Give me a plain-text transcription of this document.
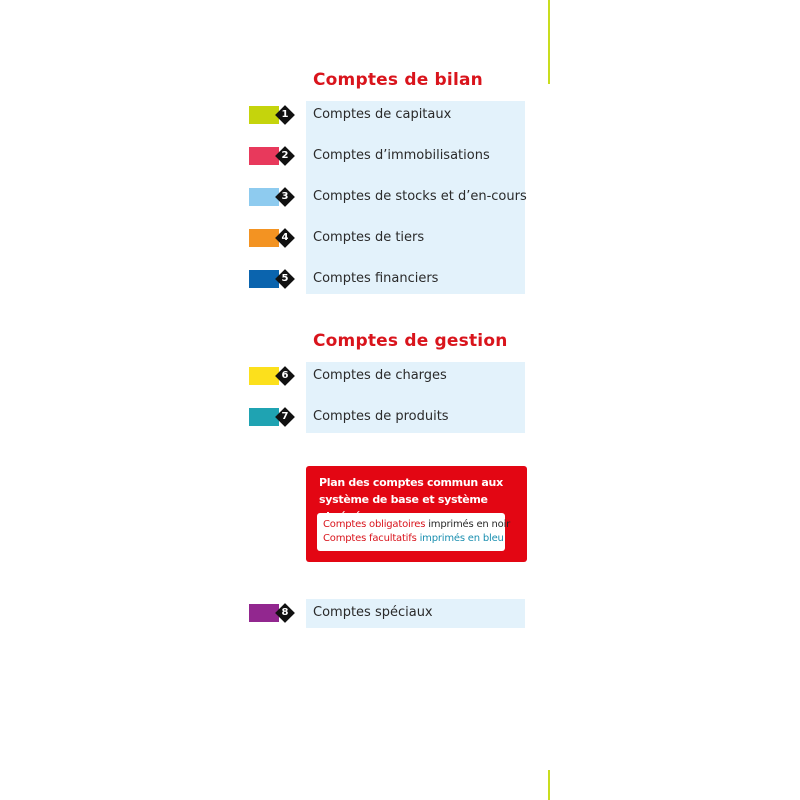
Comptes de bilan
1 Comptes de capitaux
2 Comptes d’immobilisations
3 Comptes de stocks et d’en-cours
4 Comptes de tiers
5 Comptes financiers
Comptes de gestion
6 Comptes de charges
7 Comptes de produits
Plan des comptes commun aux système de base et système
Comptes obligatoires imprimés en noir
Comptes facultatifs imprimés en bleu
8 Comptes spéciaux
